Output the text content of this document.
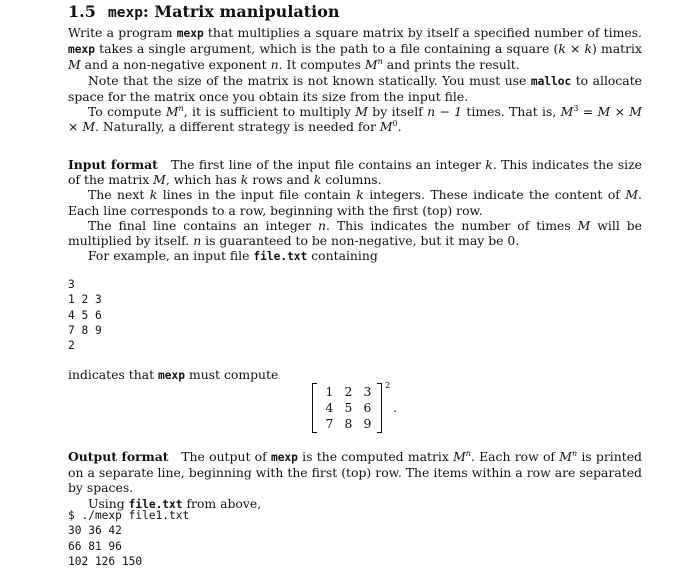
1.5 mexp: Matrix manipulation

Write a program mexp that multiplies a square matrix by itself a specified number of times. mexp takes a single argument, which is the path to a file containing a square (k × k) matrix M and a non-negative exponent n. It computes $M^n$ and prints the result.

Note that the size of the matrix is not known statically. You must use malloc to allocate space for the matrix once you obtain its size from the input file.

To compute $M^n$, it is sufficient to multiply M by itself n − 1 times. That is, $M^3 = M \times M \times M$. Naturally, a different strategy is needed for $M^0$.

Input format The first line of the input file contains an integer k. This indicates the size of the matrix M, which has k rows and k columns.

The next k lines in the input file contain k integers. These indicate the content of M. Each line corresponds to a row, beginning with the first (top) row.

The final line contains an integer n. This indicates the number of times M will be multiplied by itself. n is guaranteed to be non-negative, but it may be 0.

For example, an input file file.txt containing

3
1 2 3
4 5 6
7 8 9
2

indicates that mexp must compute

1	2	3
4	5	6
7	8	9
2
.

Output format The output of mexp is the computed matrix $M^n$. Each row of $M^n$ is printed on a separate line, beginning with the first (top) row. The items within a row are separated by spaces.

Using file.txt from above,

$ ./mexp file1.txt
30 36 42
66 81 96
102 126 150
